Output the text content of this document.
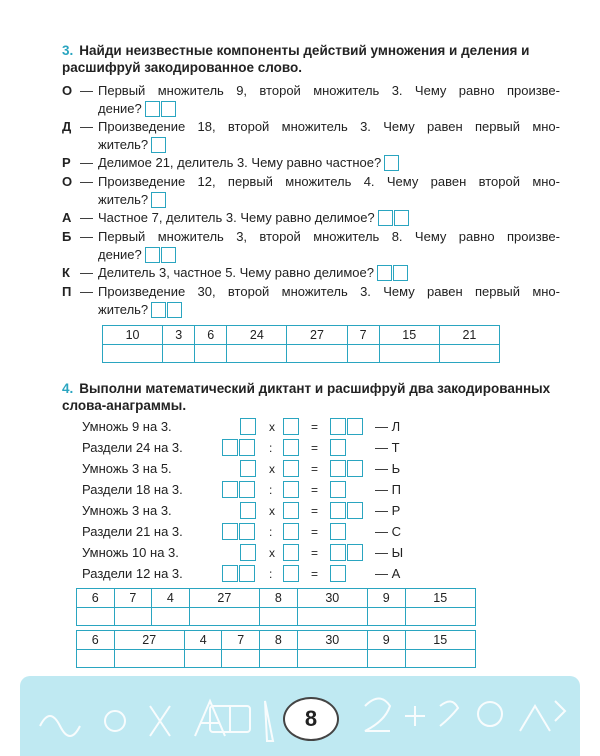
3. Найди неизвестные компоненты действий умножения и деления и
расшифруй закодированное слово.
О — Первый множитель 9, второй множитель 3. Чему равно произве-
дение?
Д — Произведение 18, второй множитель 3. Чему равен первый мно-
житель?
Р — Делимое 21, делитель 3. Чему равно частное?
О — Произведение 12, первый множитель 4. Чему равен второй мно-
житель?
А — Частное 7, делитель 3. Чему равно делимое?
Б — Первый множитель 3, второй множитель 8. Чему равно произве-
дение?
К — Делитель 3, частное 5. Чему равно делимое?
П — Произведение 30, второй множитель 3. Чему равен первый мно-
житель?
10	3	6	24	27	7	15	21

4. Выполни математический диктант и расшифруй два закодированных
слова-анаграммы.
Умножь 9 на 3.	x	=	— Л
Раздели 24 на 3.	:	=	— Т
Умножь 3 на 5.	x	=	— Ь
Раздели 18 на 3.	:	=	— П
Умножь 3 на 3.	x	=	— Р
Раздели 21 на 3.	:	=	— С
Умножь 10 на 3.	x	=	— Ы
Раздели 12 на 3.	:	=	— А
6	7	4	27	8	30	9	15

6	27	4	7	8	30	9	15

8
